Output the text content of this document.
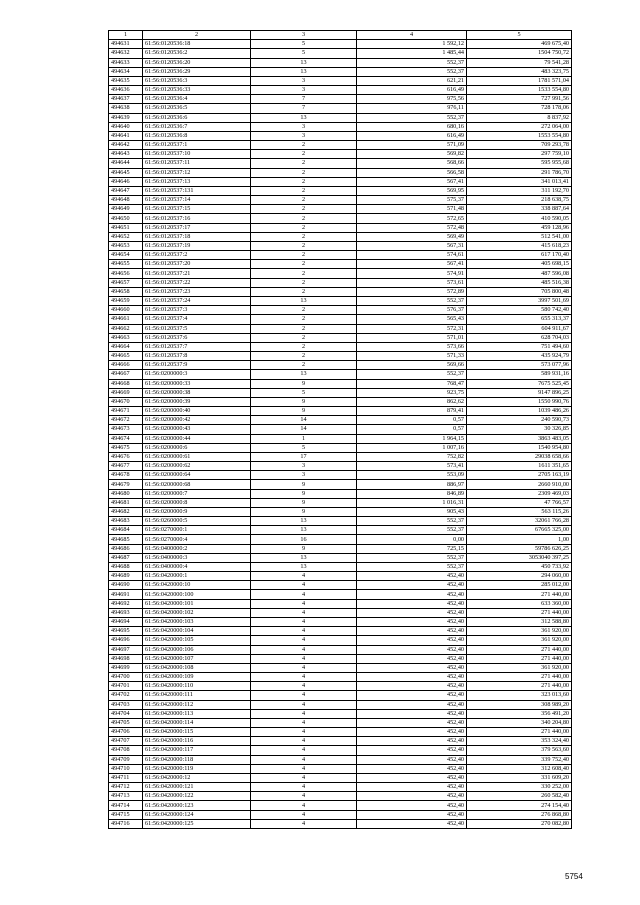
1	2	3	4	5
494631	61:56:0120536:18	5	1 592,12	469 675,40
494632	61:56:0120536:2	5	1 485,44	1504 750,72
494633	61:56:0120536:20	13	552,37	79 541,28
494634	61:56:0120536:29	13	552,37	483 323,75
494635	61:56:0120536:3	3	621,21	1781 571,04
494636	61:56:0120536:33	3	616,49	1533 554,80
494637	61:56:0120536:4	7	975,56	727 991,56
494638	61:56:0120536:5	7	976,11	728 178,06
494639	61:56:0120536:6	13	552,37	8 837,92
494640	61:56:0120536:7	3	680,16	272 064,00
494641	61:56:0120536:8	3	616,49	1553 554,80
494642	61:56:0120537:1	2	571,09	709 293,78
494643	61:56:0120537:10	2	569,82	297 759,10
494644	61:56:0120537:11	2	568,66	595 955,68
494645	61:56:0120537:12	2	566,58	291 786,70
494646	61:56:0120537:13	2	567,41	341 013,41
494647	61:56:0120537:131	2	569,95	311 192,70
494648	61:56:0120537:14	2	575,37	218 638,75
494649	61:56:0120537:15	2	571,48	338 887,64
494650	61:56:0120537:16	2	572,65	410 590,05
494651	61:56:0120537:17	2	572,48	459 128,96
494652	61:56:0120537:18	2	569,49	512 541,00
494653	61:56:0120537:19	2	567,31	415 618,23
494654	61:56:0120537:2	2	574,61	617 170,40
494655	61:56:0120537:20	2	567,41	405 698,15
494656	61:56:0120537:21	2	574,91	487 596,08
494657	61:56:0120537:22	2	573,61	485 516,38
494658	61:56:0120537:23	2	572,89	705 800,48
494659	61:56:0120537:24	13	552,37	3997 501,69
494660	61:56:0120537:3	2	576,37	580 742,40
494661	61:56:0120537:4	2	565,43	655 313,37
494662	61:56:0120537:5	2	572,31	604 911,67
494663	61:56:0120537:6	2	571,01	628 704,03
494664	61:56:0120537:7	2	573,66	751 494,60
494665	61:56:0120537:8	2	571,33	435 924,79
494666	61:56:0120537:9	2	569,66	573 077,96
494667	61:56:0200000:3	13	552,37	589 931,16
494668	61:56:0200000:33	9	768,47	7675 525,45
494669	61:56:0200000:38	5	923,75	9147 896,25
494670	61:56:0200000:39	9	862,62	1550 990,76
494671	61:56:0200000:40	9	879,41	1039 486,26
494672	61:56:0200000:42	14	0,57	240 590,73
494673	61:56:0200000:43	14	0,57	30 326,85
494674	61:56:0200000:44	1	1 964,15	3863 483,05
494675	61:56:0200000:6	5	1 007,16	1540 954,80
494676	61:56:0200000:61	17	752,82	29038 658,66
494677	61:56:0200000:62	3	573,41	1611 351,65
494678	61:56:0200000:64	3	553,09	2705 163,19
494679	61:56:0200000:68	9	886,97	2660 910,00
494680	61:56:0200000:7	9	846,89	2309 469,03
494681	61:56:0200000:8	9	1 016,31	47 766,57
494682	61:56:0200000:9	9	905,43	563 115,26
494683	61:56:0260000:5	13	552,37	32061 766,28
494684	61:56:0270000:1	13	552,37	67665 325,00
494685	61:56:0270000:4	16	0,00	1,00
494686	61:56:0400000:2	9	725,15	59786 626,25
494687	61:56:0400000:3	13	552,37	3053040 397,25
494688	61:56:0400000:4	13	552,37	450 733,92
494689	61:56:0420000:1	4	452,40	294 060,00
494690	61:56:0420000:10	4	452,40	285 012,00
494691	61:56:0420000:100	4	452,40	271 440,00
494692	61:56:0420000:101	4	452,40	633 360,00
494693	61:56:0420000:102	4	452,40	271 440,00
494694	61:56:0420000:103	4	452,40	312 588,80
494695	61:56:0420000:104	4	452,40	361 920,00
494696	61:56:0420000:105	4	452,40	361 920,00
494697	61:56:0420000:106	4	452,40	271 440,00
494698	61:56:0420000:107	4	452,40	271 440,00
494699	61:56:0420000:108	4	452,40	361 920,00
494700	61:56:0420000:109	4	452,40	271 440,00
494701	61:56:0420000:110	4	452,40	271 440,00
494702	61:56:0420000:111	4	452,40	323 013,60
494703	61:56:0420000:112	4	452,40	308 989,20
494704	61:56:0420000:113	4	452,40	356 491,20
494705	61:56:0420000:114	4	452,40	340 204,80
494706	61:56:0420000:115	4	452,40	271 440,00
494707	61:56:0420000:116	4	452,40	353 324,40
494708	61:56:0420000:117	4	452,40	379 563,60
494709	61:56:0420000:118	4	452,40	339 752,40
494710	61:56:0420000:119	4	452,40	312 608,40
494711	61:56:0420000:12	4	452,40	331 609,20
494712	61:56:0420000:121	4	452,40	330 252,00
494713	61:56:0420000:122	4	452,40	260 582,40
494714	61:56:0420000:123	4	452,40	274 154,40
494715	61:56:0420000:124	4	452,40	276 868,80
494716	61:56:0420000:125	4	452,40	270 082,80
5754
